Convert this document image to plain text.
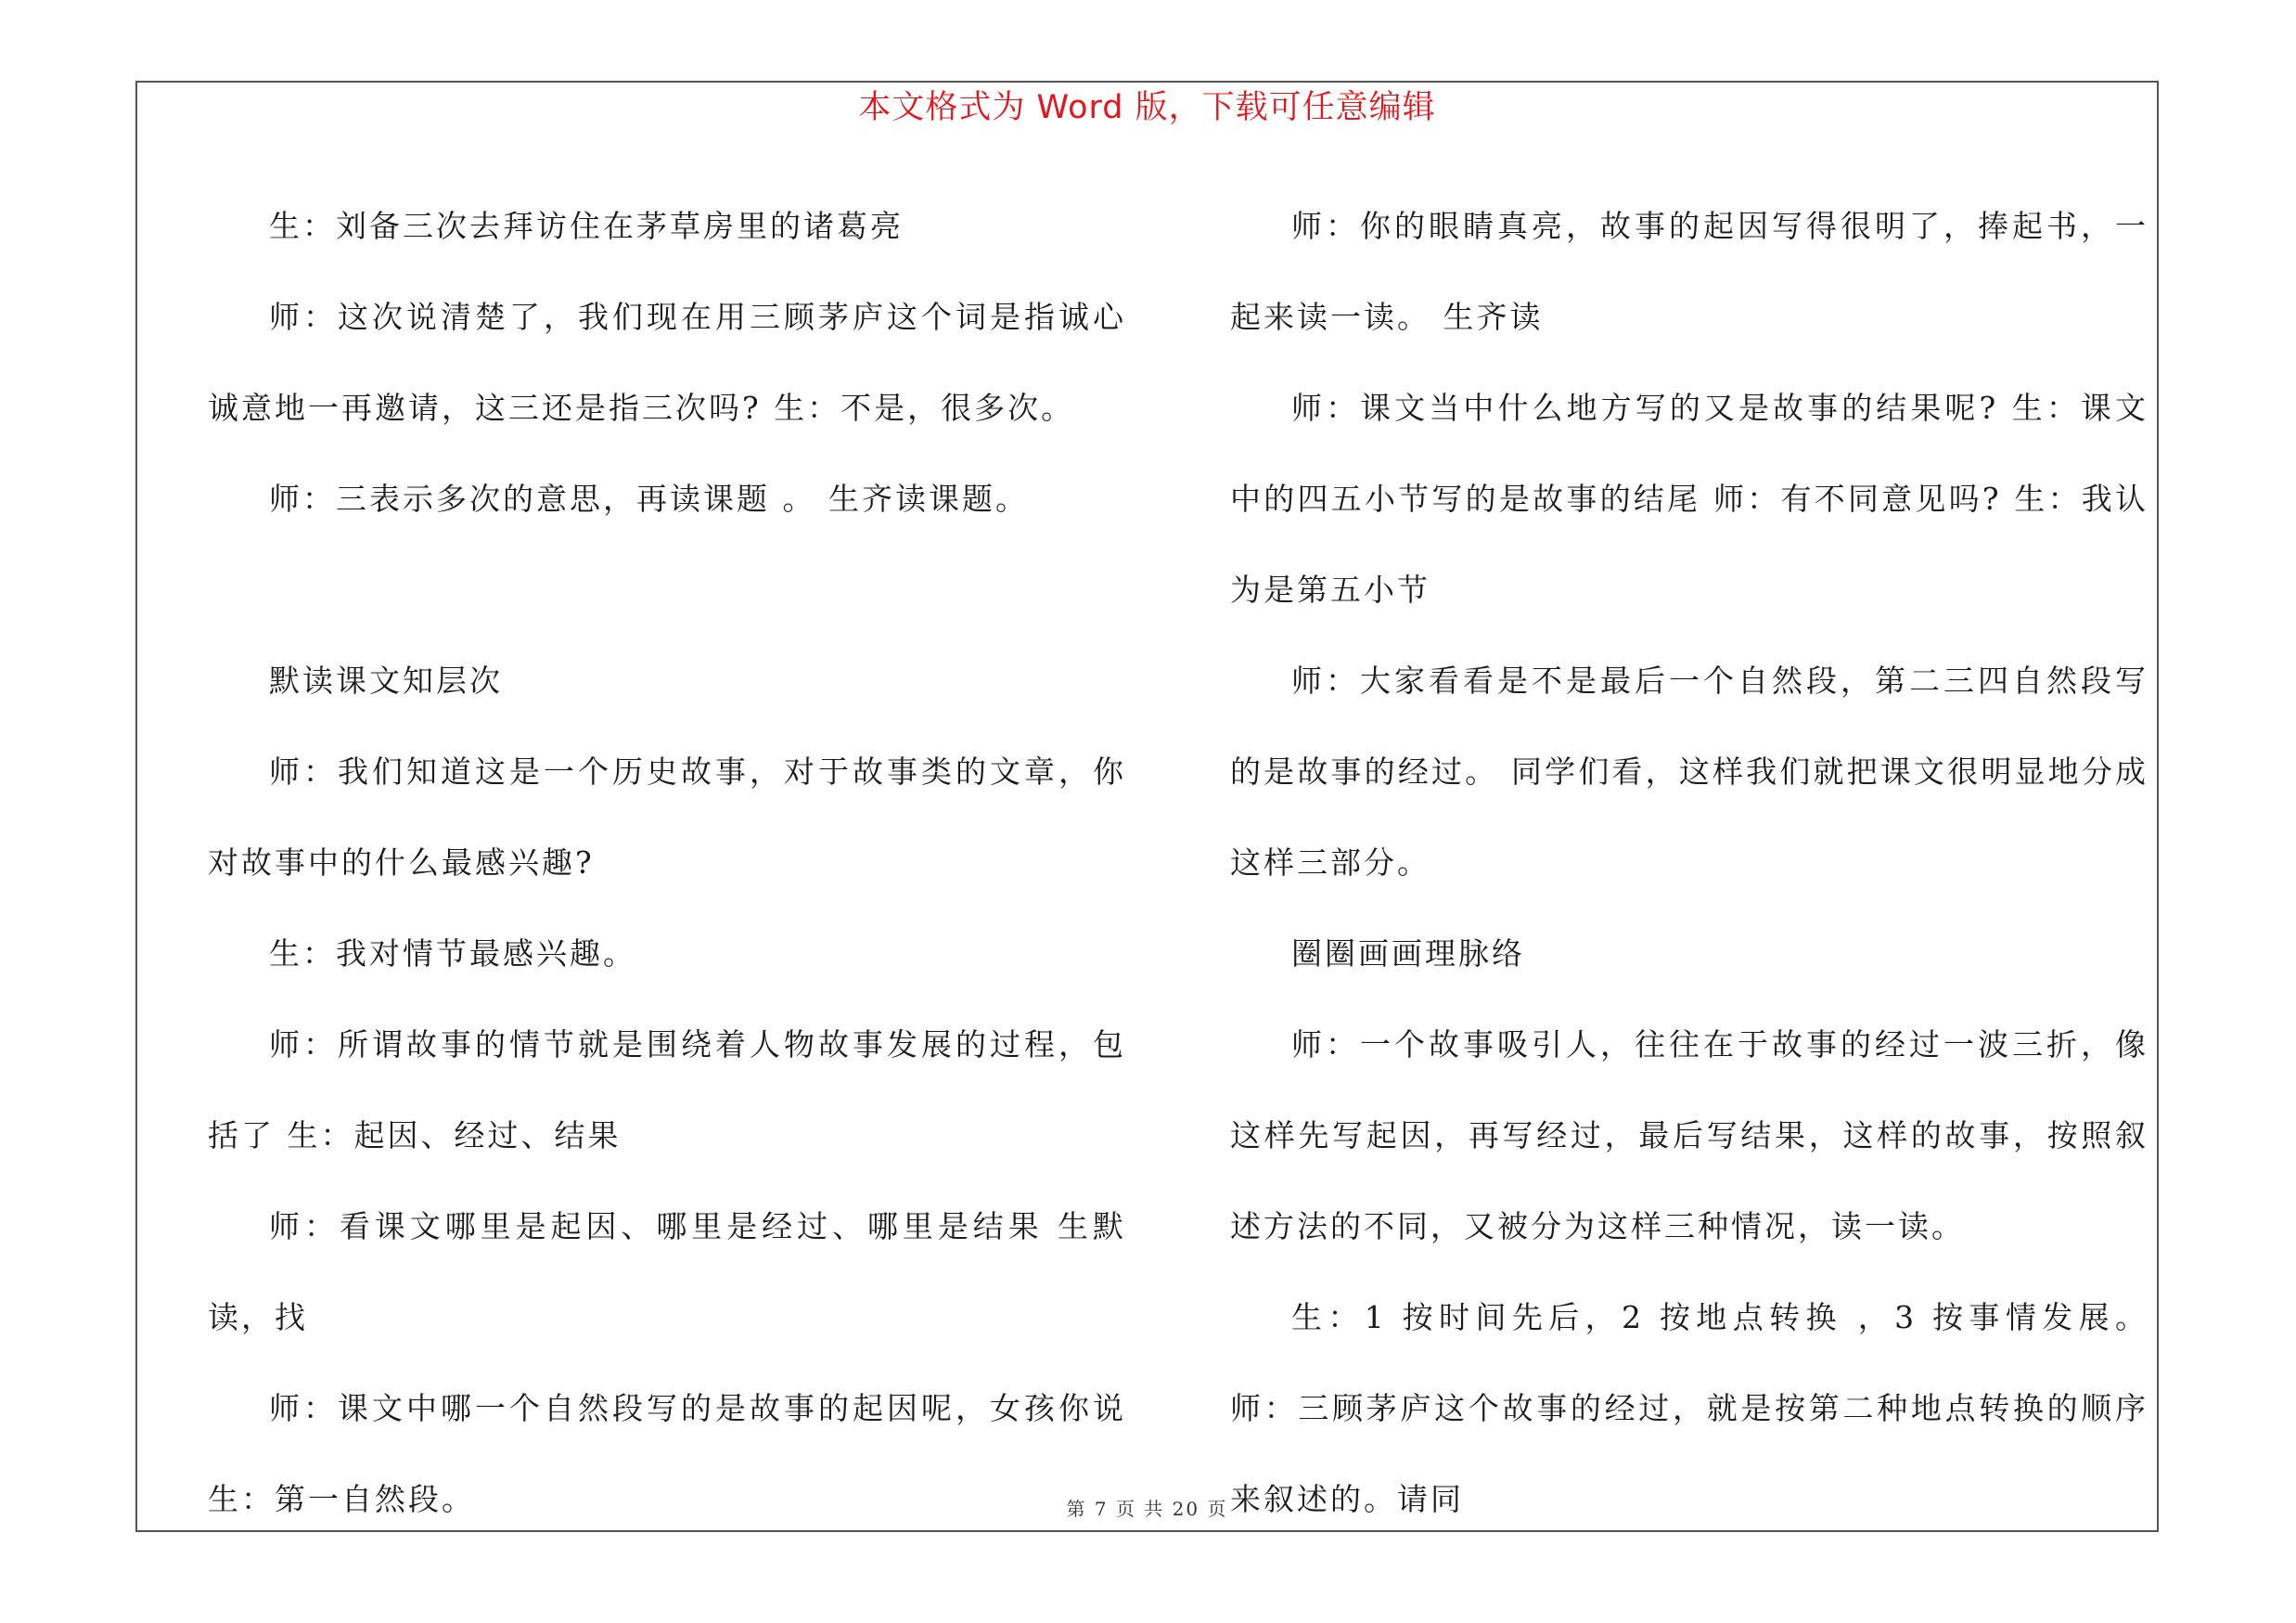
本文格式为 Word 版，下载可任意编辑

生：刘备三次去拜访住在茅草房里的诸葛亮

师：这次说清楚了，我们现在用三顾茅庐这个词是指诚心诚意地一再邀请，这三还是指三次吗? 生：不是，很多次。

师：三表示多次的意思，再读课题 。 生齐读课题。

默读课文知层次

师：我们知道这是一个历史故事，对于故事类的文章，你对故事中的什么最感兴趣?

生：我对情节最感兴趣。

师：所谓故事的情节就是围绕着人物故事发展的过程，包括了 生：起因、经过、结果

师：看课文哪里是起因、哪里是经过、哪里是结果 生默读，找

师：课文中哪一个自然段写的是故事的起因呢，女孩你说 生：第一自然段。

师：你的眼睛真亮，故事的起因写得很明了，捧起书，一起来读一读。 生齐读

师：课文当中什么地方写的又是故事的结果呢? 生：课文中的四五小节写的是故事的结尾 师：有不同意见吗? 生：我认为是第五小节

师：大家看看是不是最后一个自然段，第二三四自然段写的是故事的经过。 同学们看，这样我们就把课文很明显地分成这样三部分。

圈圈画画理脉络

师：一个故事吸引人，往往在于故事的经过一波三折，像这样先写起因，再写经过，最后写结果，这样的故事，按照叙述方法的不同，又被分为这样三种情况，读一读。

生：1 按时间先后，2 按地点转换 ，3 按事情发展。 师：三顾茅庐这个故事的经过，就是按第二种地点转换的顺序来叙述的。请同

第 7 页 共 20 页
